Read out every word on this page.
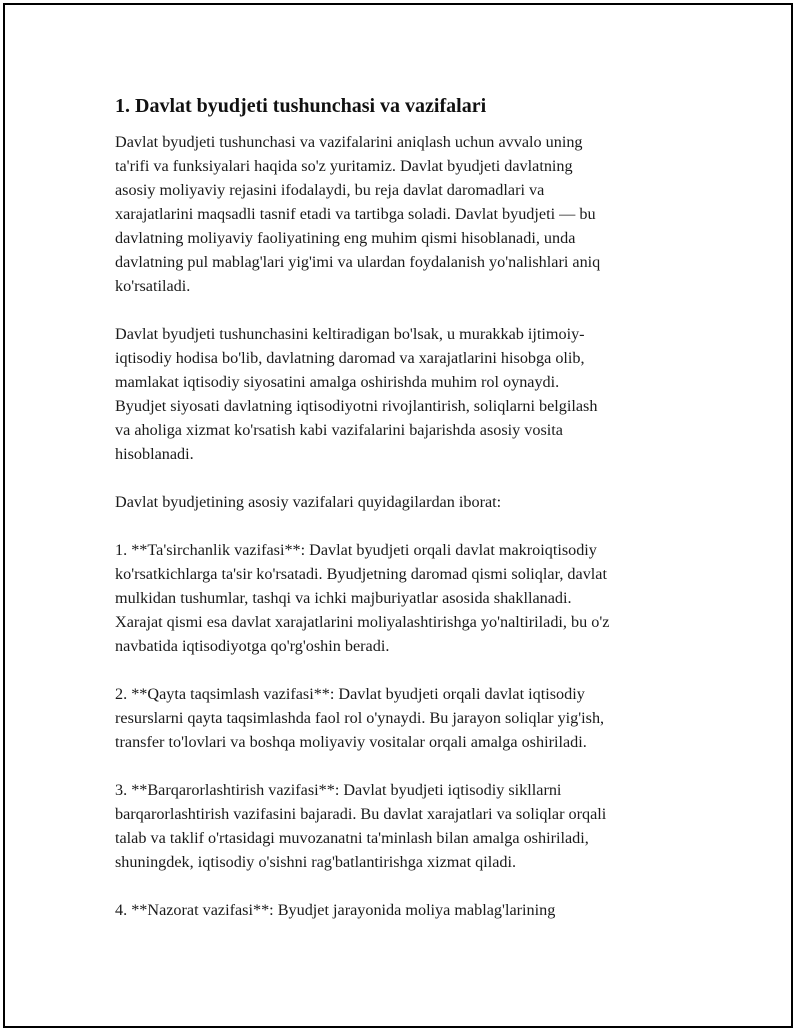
1. Davlat byudjeti tushunchasi va vazifalari

Davlat byudjeti tushunchasi va vazifalarini aniqlash uchun avvalo uning
ta'rifi va funksiyalari haqida so'z yuritamiz. Davlat byudjeti davlatning
asosiy moliyaviy rejasini ifodalaydi, bu reja davlat daromadlari va
xarajatlarini maqsadli tasnif etadi va tartibga soladi. Davlat byudjeti — bu
davlatning moliyaviy faoliyatining eng muhim qismi hisoblanadi, unda
davlatning pul mablag'lari yig'imi va ulardan foydalanish yo'nalishlari aniq
ko'rsatiladi.

Davlat byudjeti tushunchasini keltiradigan bo'lsak, u murakkab ijtimoiy-
iqtisodiy hodisa bo'lib, davlatning daromad va xarajatlarini hisobga olib,
mamlakat iqtisodiy siyosatini amalga oshirishda muhim rol oynaydi.
Byudjet siyosati davlatning iqtisodiyotni rivojlantirish, soliqlarni belgilash
va aholiga xizmat ko'rsatish kabi vazifalarini bajarishda asosiy vosita
hisoblanadi.

Davlat byudjetining asosiy vazifalari quyidagilardan iborat:

1. **Ta'sirchanlik vazifasi**: Davlat byudjeti orqali davlat makroiqtisodiy
ko'rsatkichlarga ta'sir ko'rsatadi. Byudjetning daromad qismi soliqlar, davlat
mulkidan tushumlar, tashqi va ichki majburiyatlar asosida shakllanadi.
Xarajat qismi esa davlat xarajatlarini moliyalashtirishga yo'naltiriladi, bu o'z
navbatida iqtisodiyotga qo'rg'oshin beradi.

2. **Qayta taqsimlash vazifasi**: Davlat byudjeti orqali davlat iqtisodiy
resurslarni qayta taqsimlashda faol rol o'ynaydi. Bu jarayon soliqlar yig'ish,
transfer to'lovlari va boshqa moliyaviy vositalar orqali amalga oshiriladi.

3. **Barqarorlashtirish vazifasi**: Davlat byudjeti iqtisodiy sikllarni
barqarorlashtirish vazifasini bajaradi. Bu davlat xarajatlari va soliqlar orqali
talab va taklif o'rtasidagi muvozanatni ta'minlash bilan amalga oshiriladi,
shuningdek, iqtisodiy o'sishni rag'batlantirishga xizmat qiladi.

4. **Nazorat vazifasi**: Byudjet jarayonida moliya mablag'larining
